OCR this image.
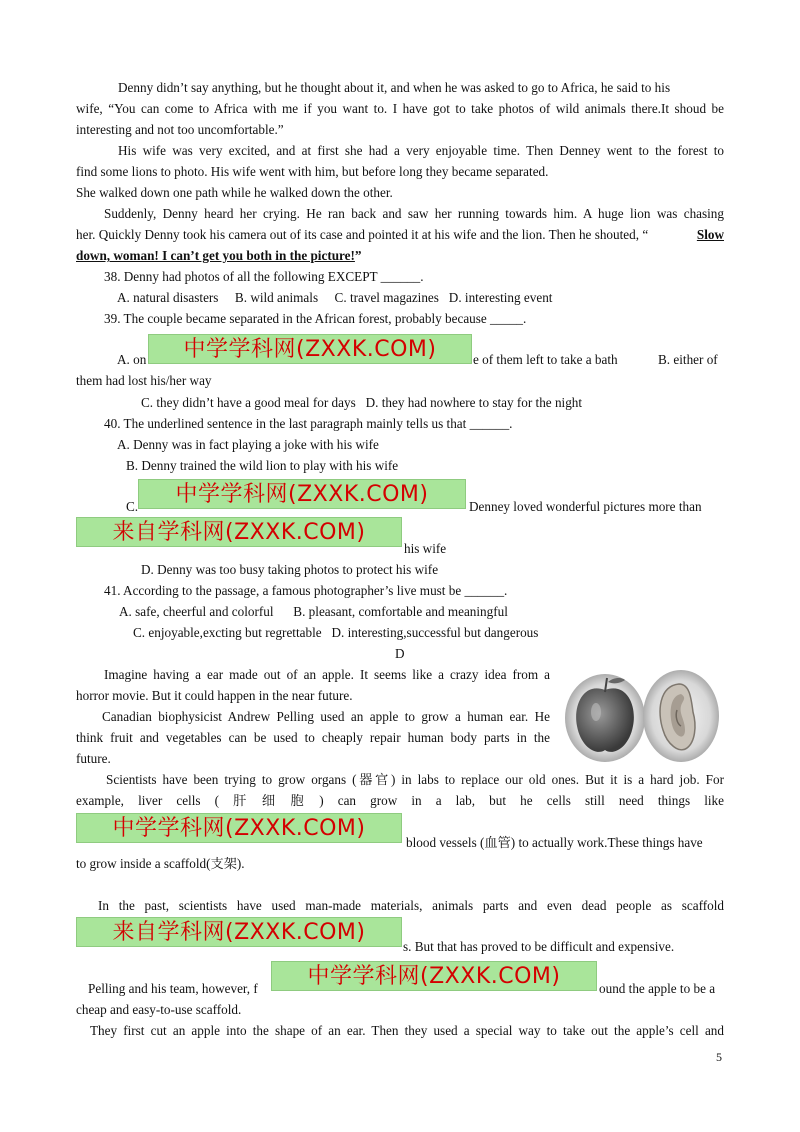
Denny didn’t say anything, but he thought about it, and when he was asked to go to Africa, he said to his
wife, “You can come to Africa with me if you want to. I have got to take photos of wild animals there.It shoud be
interesting and not too uncomfortable.”
His wife was very excited, and at first she had a very enjoyable time. Then Denney went to the forest to
find some lions to photo. His wife went with him, but before long they became separated.
She walked down one path while he walked down the other.
Suddenly, Denny heard her crying. He ran back and saw her running towards him. A huge lion was chasing
her. Quickly Denny took his camera out of its case and pointed it at his wife and the lion. Then he shouted, “	Slow
down, woman! I can’t get you both in the picture!”
38. Denny had photos of all the following EXCEPT ______.
A. natural disasters     B. wild animals     C. travel magazines   D. interesting event
39. The couple became separated in the African forest, probably because _____.
A. on	中学学科网(ZXXK.COM)	e of them left to take a bath	B. either of
them had lost his/her way
C. they didn’t have a good meal for days   D. they had nowhere to stay for the night
40. The underlined sentence in the last paragraph mainly tells us that ______.
A. Denny was in fact playing a joke with his wife
B. Denny trained the wild lion to play with his wife
C.	中学学科网(ZXXK.COM)	Denney loved wonderful pictures more than
来自学科网(ZXXK.COM)
his wife
D. Denny was too busy taking photos to protect his wife
41. According to the passage, a famous photographer’s live must be ______.
A. safe, cheerful and colorful      B. pleasant, comfortable and meaningful
C. enjoyable,excting but regrettable   D. interesting,successful but dangerous
D
Imagine having a ear made out of an apple. It seems like a crazy idea from a
horror movie. But it could happen in the near future.
Canadian biophysicist Andrew Pelling used an apple to grow a human ear. He
think fruit and vegetables can be used to cheaply repair human body parts in the
future.
Scientists have been trying to grow organs (器官) in labs to replace our old ones. But it is a hard job. For
example,   liver   cells   (   肝   细   胞   )   can   grow   in   a   lab,   but   he   cells   still   need   things   like
中学学科网(ZXXK.COM)
blood vessels (血管) to actually work.These things have
to grow inside a scaffold(支架).
In the past, scientists have used man-made materials, animals parts and even dead people as scaffold
来自学科网(ZXXK.COM)
s. But that has proved to be difficult and expensive.
Pelling and his team, however, f	中学学科网(ZXXK.COM)	ound the apple to be a
cheap and easy-to-use scaffold.
They first cut an apple into the shape of an ear. Then they used a special way to take out the apple’s cell and
5
